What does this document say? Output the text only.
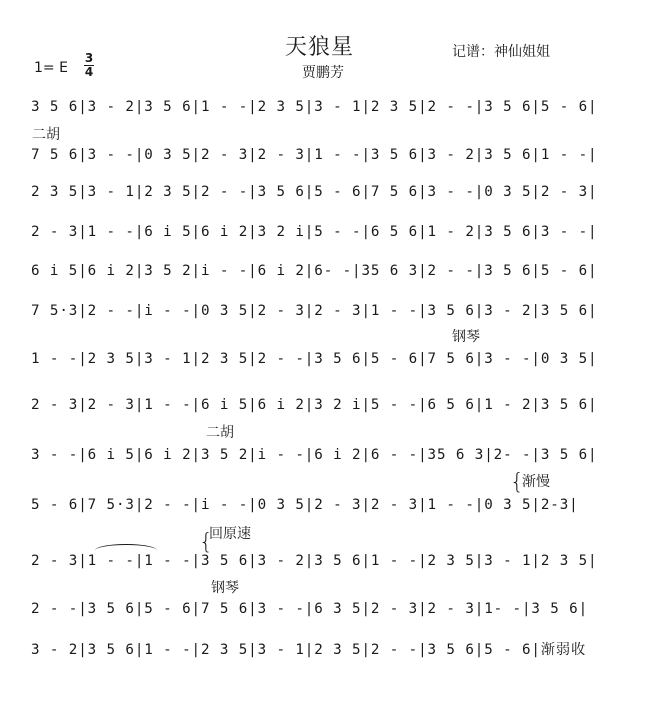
天狼星	记谱：神仙姐姐
贾鹏芳
1= E
3
4
3 5 6|3 - 2|3 5 6|1 - -|2 3 5|3 - 1|2 3 5|2 - -|3 5 6|5 - 6|
二胡
7 5 6|3 - -|0 3 5|2 - 3|2 - 3|1 - -|3 5 6|3 - 2|3 5 6|1 - -|
2 3 5|3 - 1|2 3 5|2 - -|3 5 6|5 - 6|7 5 6|3 - -|0 3 5|2 - 3|
2 - 3|1 - -|6 i 5|6 i 2|3 2 i|5 - -|6 5 6|1 - 2|3 5 6|3 - -|
6 i 5|6 i 2|3 5 2|i - -|6 i 2|6- -|35 6 3|2 - -|3 5 6|5 - 6|
7 5·3|2 - -|i - -|0 3 5|2 - 3|2 - 3|1 - -|3 5 6|3 - 2|3 5 6|
钢琴
1 - -|2 3 5|3 - 1|2 3 5|2 - -|3 5 6|5 - 6|7 5 6|3 - -|0 3 5|
2 - 3|2 - 3|1 - -|6 i 5|6 i 2|3 2 i|5 - -|6 5 6|1 - 2|3 5 6|
二胡
3 - -|6 i 5|6 i 2|3 5 2|i - -|6 i 2|6 - -|35 6 3|2- -|3 5 6|
{
渐慢
5 - 6|7 5·3|2 - -|i - -|0 3 5|2 - 3|2 - 3|1 - -|0 3 5|2-3|
回原速
{
2 - 3|1 - -|1 - -|3 5 6|3 - 2|3 5 6|1 - -|2 3 5|3 - 1|2 3 5|
钢琴
2 - -|3 5 6|5 - 6|7 5 6|3 - -|6 3 5|2 - 3|2 - 3|1- -|3 5 6|
3 - 2|3 5 6|1 - -|2 3 5|3 - 1|2 3 5|2 - -|3 5 6|5 - 6|渐弱收
